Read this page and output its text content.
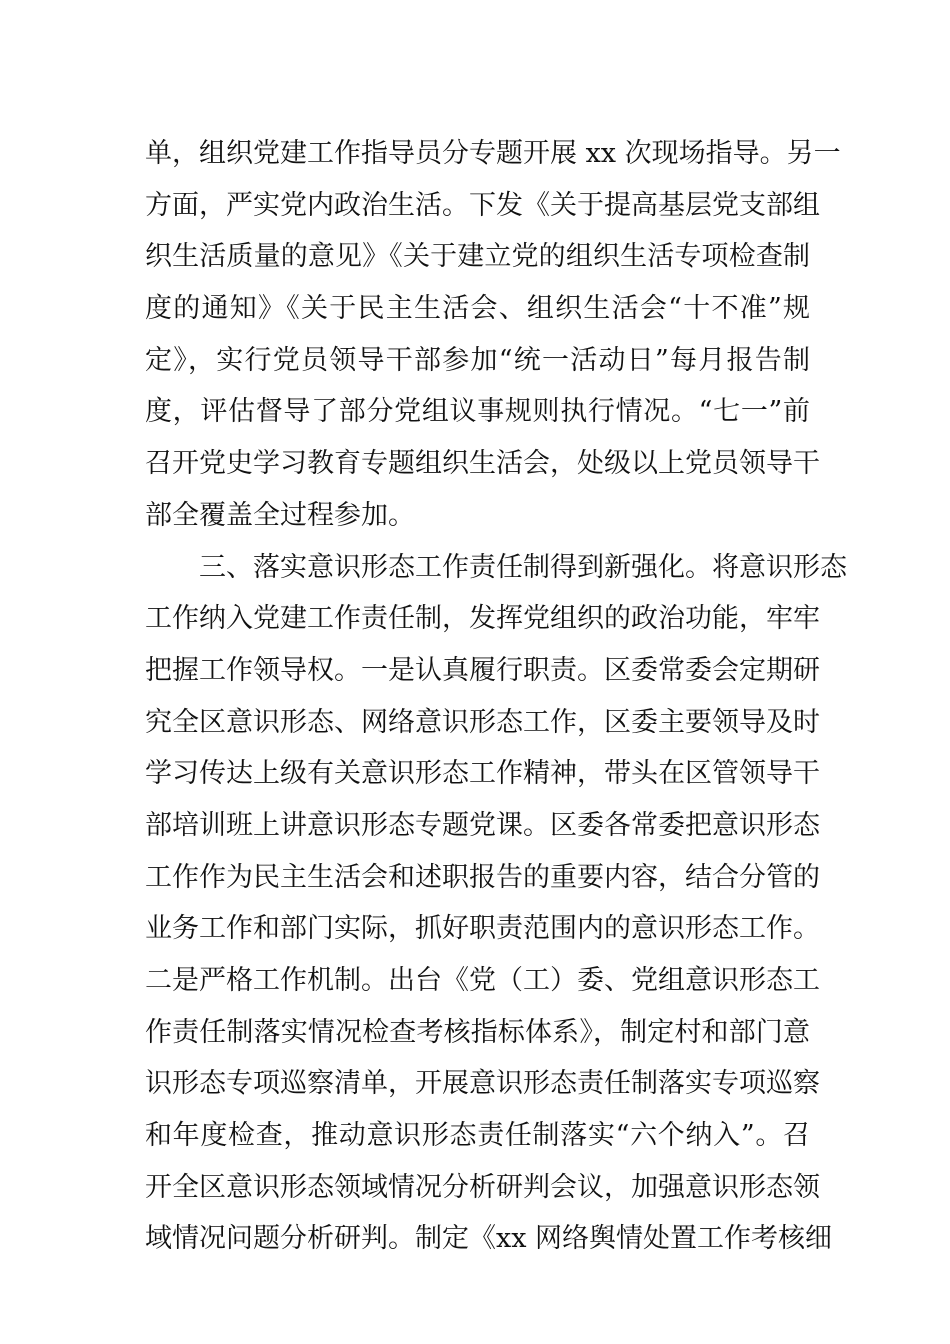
单，组织党建工作指导员分专题开展 xx 次现场指导。另一
方面，严实党内政治生活。下发《关于提高基层党支部组
织生活质量的意见》《关于建立党的组织生活专项检查制
度的通知》《关于民主生活会、组织生活会“十不准”规
定》，实行党员领导干部参加“统一活动日”每月报告制
度，评估督导了部分党组议事规则执行情况。“七一”前
召开党史学习教育专题组织生活会，处级以上党员领导干
部全覆盖全过程参加。
　　三、落实意识形态工作责任制得到新强化。将意识形态
工作纳入党建工作责任制，发挥党组织的政治功能，牢牢
把握工作领导权。一是认真履行职责。区委常委会定期研
究全区意识形态、网络意识形态工作，区委主要领导及时
学习传达上级有关意识形态工作精神，带头在区管领导干
部培训班上讲意识形态专题党课。区委各常委把意识形态
工作作为民主生活会和述职报告的重要内容，结合分管的
业务工作和部门实际，抓好职责范围内的意识形态工作。
二是严格工作机制。出台《党（工）委、党组意识形态工
作责任制落实情况检查考核指标体系》，制定村和部门意
识形态专项巡察清单，开展意识形态责任制落实专项巡察
和年度检查，推动意识形态责任制落实“六个纳入”。召
开全区意识形态领域情况分析研判会议，加强意识形态领
域情况问题分析研判。制定《xx 网络舆情处置工作考核细
